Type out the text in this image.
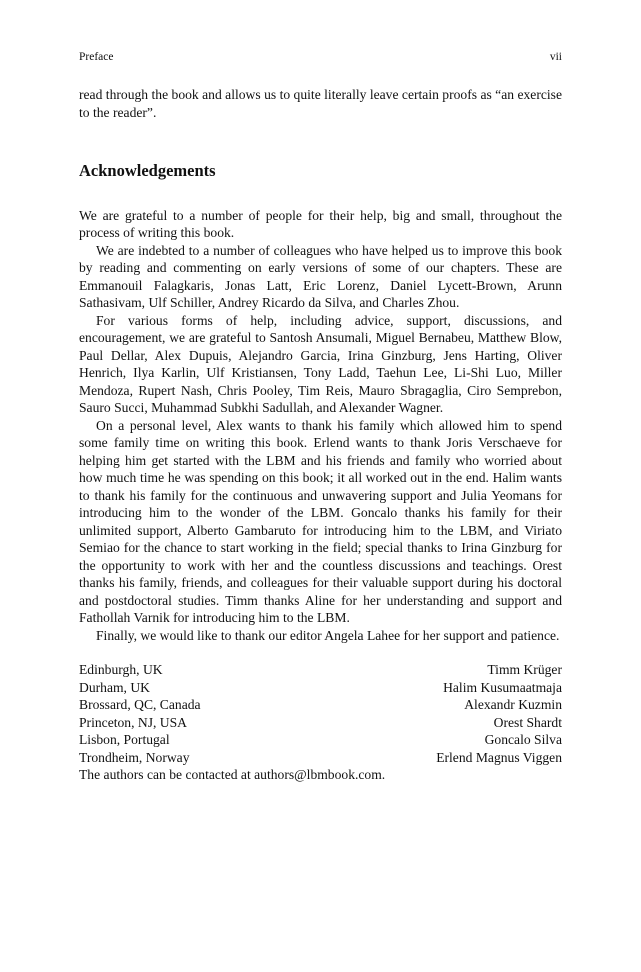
Preface	vii

read through the book and allows us to quite literally leave certain proofs as “an exercise to the reader”.

Acknowledgements

We are grateful to a number of people for their help, big and small, throughout the process of writing this book.

We are indebted to a number of colleagues who have helped us to improve this book by reading and commenting on early versions of some of our chapters. These are Emmanouil Falagkaris, Jonas Latt, Eric Lorenz, Daniel Lycett-Brown, Arunn Sathasivam, Ulf Schiller, Andrey Ricardo da Silva, and Charles Zhou.

For various forms of help, including advice, support, discussions, and encouragement, we are grateful to Santosh Ansumali, Miguel Bernabeu, Matthew Blow, Paul Dellar, Alex Dupuis, Alejandro Garcia, Irina Ginzburg, Jens Harting, Oliver Henrich, Ilya Karlin, Ulf Kristiansen, Tony Ladd, Taehun Lee, Li-Shi Luo, Miller Mendoza, Rupert Nash, Chris Pooley, Tim Reis, Mauro Sbragaglia, Ciro Semprebon, Sauro Succi, Muhammad Subkhi Sadullah, and Alexander Wagner.

On a personal level, Alex wants to thank his family which allowed him to spend some family time on writing this book. Erlend wants to thank Joris Verschaeve for helping him get started with the LBM and his friends and family who worried about how much time he was spending on this book; it all worked out in the end. Halim wants to thank his family for the continuous and unwavering support and Julia Yeomans for introducing him to the wonder of the LBM. Goncalo thanks his family for their unlimited support, Alberto Gambaruto for introducing him to the LBM, and Viriato Semiao for the chance to start working in the field; special thanks to Irina Ginzburg for the opportunity to work with her and the countless discussions and teachings. Orest thanks his family, friends, and colleagues for their valuable support during his doctoral and postdoctoral studies. Timm thanks Aline for her understanding and support and Fathollah Varnik for introducing him to the LBM.

Finally, we would like to thank our editor Angela Lahee for her support and patience.

Edinburgh, UK
Durham, UK
Brossard, QC, Canada
Princeton, NJ, USA
Lisbon, Portugal
Trondheim, Norway
Timm Krüger
Halim Kusumaatmaja
Alexandr Kuzmin
Orest Shardt
Goncalo Silva
Erlend Magnus Viggen

The authors can be contacted at authors@lbmbook.com.
